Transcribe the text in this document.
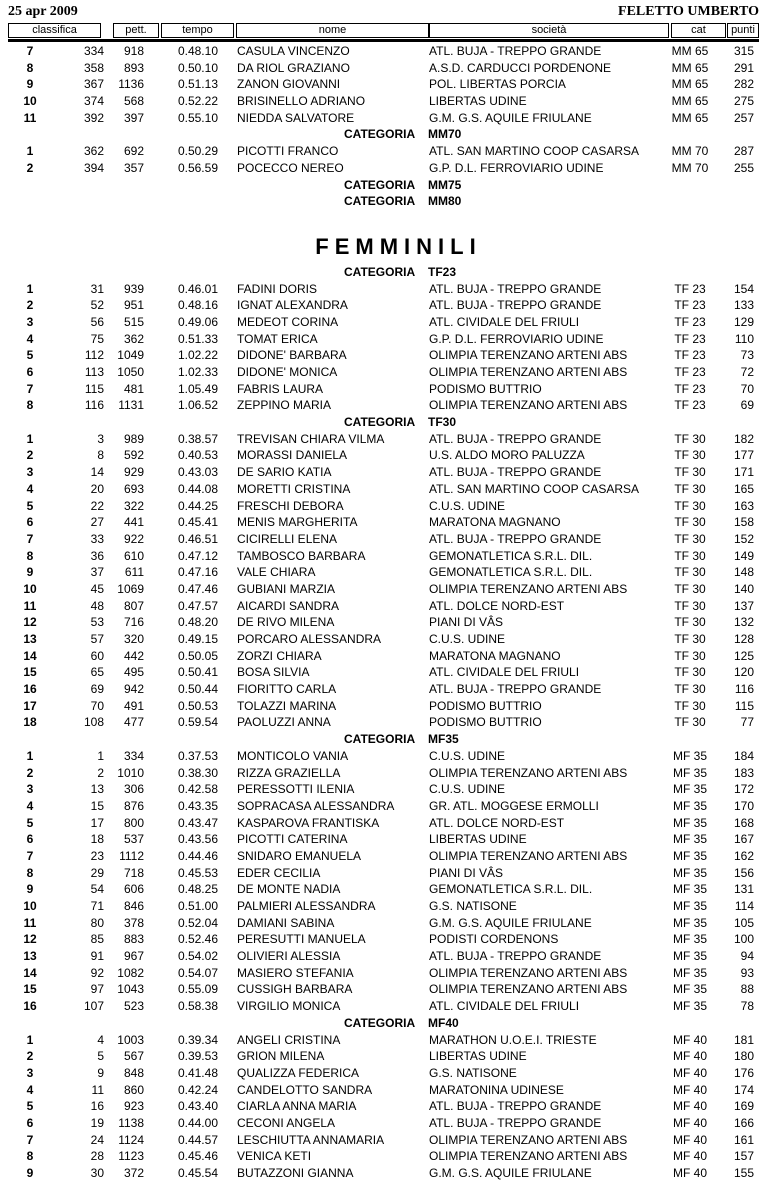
25 apr 2009	FELETTO UMBERTO
classifica	pett.	tempo	nome	società	cat	punti
7	334	918	0.48.10 CASULA VINCENZO	ATL. BUJA - TREPPO GRANDE	MM 65	315
8	358	893	0.50.10 DA RIOL GRAZIANO	A.S.D. CARDUCCI PORDENONE	MM 65	291
9	367	1136	0.51.13 ZANON GIOVANNI	POL. LIBERTAS PORCIA	MM 65	282
10	374	568	0.52.22 BRISINELLO ADRIANO	LIBERTAS UDINE	MM 65	275
11	392	397	0.55.10 NIEDDA SALVATORE	G.M. G.S. AQUILE FRIULANE	MM 65	257
CATEGORIA MM70
1	362	692	0.50.29 PICOTTI FRANCO	ATL. SAN MARTINO COOP CASARSA	MM 70	287
2	394	357	0.56.59 POCECCO NEREO	G.P. D.L. FERROVIARIO UDINE	MM 70	255
CATEGORIA MM75
CATEGORIA MM80
FEMMINILI
CATEGORIA TF23
1	31	939	0.46.01 FADINI DORIS	ATL. BUJA - TREPPO GRANDE	TF 23	154
2	52	951	0.48.16 IGNAT ALEXANDRA	ATL. BUJA - TREPPO GRANDE	TF 23	133
3	56	515	0.49.06 MEDEOT CORINA	ATL. CIVIDALE DEL FRIULI	TF 23	129
4	75	362	0.51.33 TOMAT ERICA	G.P. D.L. FERROVIARIO UDINE	TF 23	110
5	112	1049	1.02.22 DIDONE' BARBARA	OLIMPIA TERENZANO ARTENI ABS	TF 23	73
6	113	1050	1.02.33 DIDONE' MONICA	OLIMPIA TERENZANO ARTENI ABS	TF 23	72
7	115	481	1.05.49 FABRIS LAURA	PODISMO BUTTRIO	TF 23	70
8	116	1131	1.06.52 ZEPPINO MARIA	OLIMPIA TERENZANO ARTENI ABS	TF 23	69
CATEGORIA TF30
1	3	989	0.38.57 TREVISAN CHIARA VILMA	ATL. BUJA - TREPPO GRANDE	TF 30	182
2	8	592	0.40.53 MORASSI DANIELA	U.S. ALDO MORO PALUZZA	TF 30	177
3	14	929	0.43.03 DE SARIO KATIA	ATL. BUJA - TREPPO GRANDE	TF 30	171
4	20	693	0.44.08 MORETTI CRISTINA	ATL. SAN MARTINO COOP CASARSA	TF 30	165
5	22	322	0.44.25 FRESCHI DEBORA	C.U.S. UDINE	TF 30	163
6	27	441	0.45.41 MENIS MARGHERITA	MARATONA MAGNANO	TF 30	158
7	33	922	0.46.51 CICIRELLI ELENA	ATL. BUJA - TREPPO GRANDE	TF 30	152
8	36	610	0.47.12 TAMBOSCO BARBARA	GEMONATLETICA S.R.L. DIL.	TF 30	149
9	37	611	0.47.16 VALE CHIARA	GEMONATLETICA S.R.L. DIL.	TF 30	148
10	45	1069	0.47.46 GUBIANI MARZIA	OLIMPIA TERENZANO ARTENI ABS	TF 30	140
11	48	807	0.47.57 AICARDI SANDRA	ATL. DOLCE NORD-EST	TF 30	137
12	53	716	0.48.20 DE RIVO MILENA	PIANI DI VÂS	TF 30	132
13	57	320	0.49.15 PORCARO ALESSANDRA	C.U.S. UDINE	TF 30	128
14	60	442	0.50.05 ZORZI CHIARA	MARATONA MAGNANO	TF 30	125
15	65	495	0.50.41 BOSA SILVIA	ATL. CIVIDALE DEL FRIULI	TF 30	120
16	69	942	0.50.44 FIORITTO CARLA	ATL. BUJA - TREPPO GRANDE	TF 30	116
17	70	491	0.50.53 TOLAZZI MARINA	PODISMO BUTTRIO	TF 30	115
18	108	477	0.59.54 PAOLUZZI ANNA	PODISMO BUTTRIO	TF 30	77
CATEGORIA MF35
1	1	334	0.37.53 MONTICOLO VANIA	C.U.S. UDINE	MF 35	184
2	2	1010	0.38.30 RIZZA GRAZIELLA	OLIMPIA TERENZANO ARTENI ABS	MF 35	183
3	13	306	0.42.58 PERESSOTTI ILENIA	C.U.S. UDINE	MF 35	172
4	15	876	0.43.35 SOPRACASA ALESSANDRA	GR. ATL. MOGGESE ERMOLLI	MF 35	170
5	17	800	0.43.47 KASPAROVA FRANTISKA	ATL. DOLCE NORD-EST	MF 35	168
6	18	537	0.43.56 PICOTTI CATERINA	LIBERTAS UDINE	MF 35	167
7	23	1112	0.44.46 SNIDARO EMANUELA	OLIMPIA TERENZANO ARTENI ABS	MF 35	162
8	29	718	0.45.53 EDER CECILIA	PIANI DI VÂS	MF 35	156
9	54	606	0.48.25 DE MONTE NADIA	GEMONATLETICA S.R.L. DIL.	MF 35	131
10	71	846	0.51.00 PALMIERI ALESSANDRA	G.S. NATISONE	MF 35	114
11	80	378	0.52.04 DAMIANI SABINA	G.M. G.S. AQUILE FRIULANE	MF 35	105
12	85	883	0.52.46 PERESUTTI MANUELA	PODISTI CORDENONS	MF 35	100
13	91	967	0.54.02 OLIVIERI ALESSIA	ATL. BUJA - TREPPO GRANDE	MF 35	94
14	92	1082	0.54.07 MASIERO STEFANIA	OLIMPIA TERENZANO ARTENI ABS	MF 35	93
15	97	1043	0.55.09 CUSSIGH BARBARA	OLIMPIA TERENZANO ARTENI ABS	MF 35	88
16	107	523	0.58.38 VIRGILIO MONICA	ATL. CIVIDALE DEL FRIULI	MF 35	78
CATEGORIA MF40
1	4	1003	0.39.34 ANGELI CRISTINA	MARATHON U.O.E.I. TRIESTE	MF 40	181
2	5	567	0.39.53 GRION MILENA	LIBERTAS UDINE	MF 40	180
3	9	848	0.41.48 QUALIZZA FEDERICA	G.S. NATISONE	MF 40	176
4	11	860	0.42.24 CANDELOTTO SANDRA	MARATONINA UDINESE	MF 40	174
5	16	923	0.43.40 CIARLA ANNA MARIA	ATL. BUJA - TREPPO GRANDE	MF 40	169
6	19	1138	0.44.00 CECONI ANGELA	ATL. BUJA - TREPPO GRANDE	MF 40	166
7	24	1124	0.44.57 LESCHIUTTA ANNAMARIA	OLIMPIA TERENZANO ARTENI ABS	MF 40	161
8	28	1123	0.45.46 VENICA KETI	OLIMPIA TERENZANO ARTENI ABS	MF 40	157
9	30	372	0.45.54 BUTAZZONI GIANNA	G.M. G.S. AQUILE FRIULANE	MF 40	155
